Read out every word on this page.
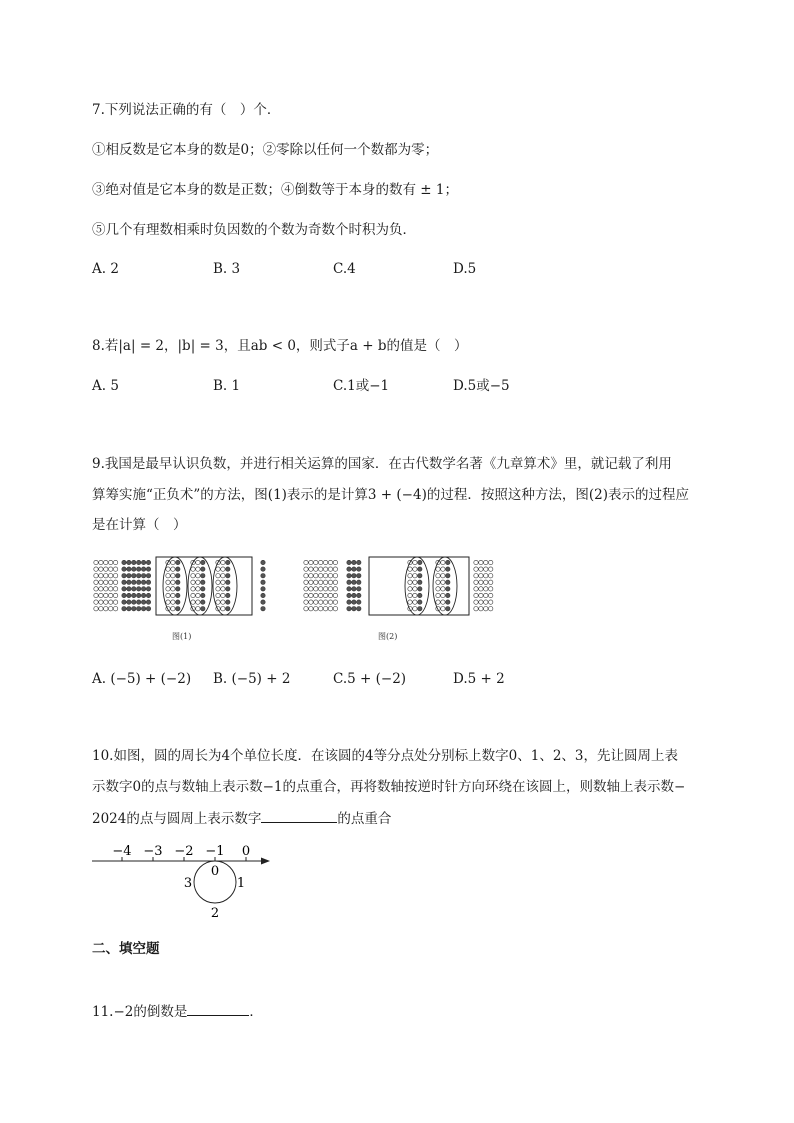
7.下列说法正确的有（　）个．
①相反数是它本身的数是0；②零除以任何一个数都为零；
③绝对值是它本身的数是正数；④倒数等于本身的数有 ± 1；
⑤几个有理数相乘时负因数的个数为奇数个时积为负．
A. 2	B. 3	C.4	D.5
8.若|a| = 2，|b| = 3，且ab < 0，则式子a + b的值是（　）
A. 5	B. 1	C.1或−1	D.5或−5
9.我国是最早认识负数，并进行相关运算的国家．在古代数学名著《九章算术》里，就记载了利用
算筹实施“正负术”的方法，图(1)表示的是计算3 + (−4)的过程．按照这种方法，图(2)表示的过程应
是在计算（　）
图(1)	图(2)
A. (−5) + (−2) B. (−5) + 2	C.5 + (−2)	D.5 + 2
10.如图，圆的周长为4个单位长度．在该圆的4等分点处分别标上数字0、1、2、3，先让圆周上表
示数字0的点与数轴上表示数−1的点重合，再将数轴按逆时针方向环绕在该圆上，则数轴上表示数−
2024的点与圆周上表示数字	的点重合
−4 −3 −2 −1 0
0
1
2
3
二、填空题
11.−2的倒数是	．
